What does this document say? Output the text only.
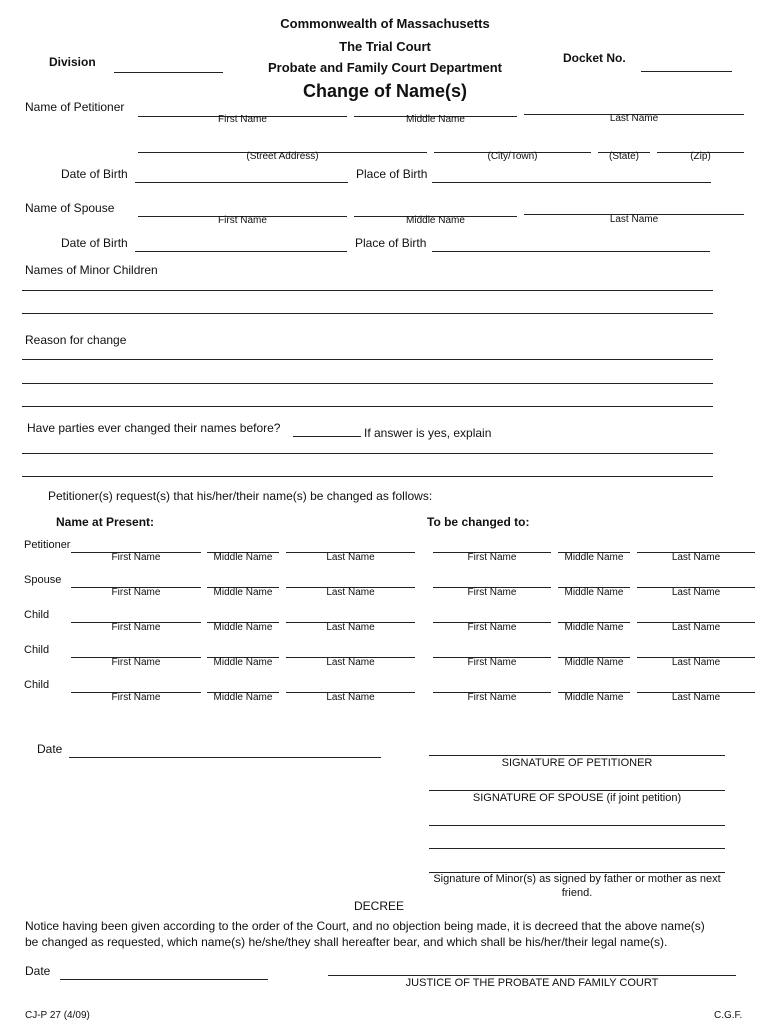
Commonwealth of Massachusetts
The Trial Court
Probate and Family Court Department
Change of Name(s)
Division	Docket No.
Name of Petitioner
First Name	Middle Name	Last Name
(Street Address)	(City/Town)	(State)	(Zip)
Date of Birth	Place of Birth
Name of Spouse
First Name	Middle Name	Last Name
Date of Birth	Place of Birth
Names of Minor Children
Reason for change
Have parties ever changed their names before?	If answer is yes, explain
Petitioner(s) request(s) that his/her/their name(s) be changed as follows:
Name at Present:	To be changed to:
Petitioner
First Name	Middle Name	Last Name	First Name	Middle Name	Last Name
Spouse
First Name	Middle Name	Last Name	First Name	Middle Name	Last Name
Child
First Name	Middle Name	Last Name	First Name	Middle Name	Last Name
Child
First Name	Middle Name	Last Name	First Name	Middle Name	Last Name
Child
First Name	Middle Name	Last Name	First Name	Middle Name	Last Name
Date
SIGNATURE OF PETITIONER
SIGNATURE OF SPOUSE (if joint petition)
Signature of Minor(s) as signed by father or mother as next
friend.
DECREE
Notice having been given according to the order of the Court, and no objection being made, it is decreed that the above name(s)
be changed as requested, which name(s) he/she/they shall hereafter bear, and which shall be his/her/their legal name(s).
Date
JUSTICE OF THE PROBATE AND FAMILY COURT
CJ-P 27 (4/09)	C.G.F.
